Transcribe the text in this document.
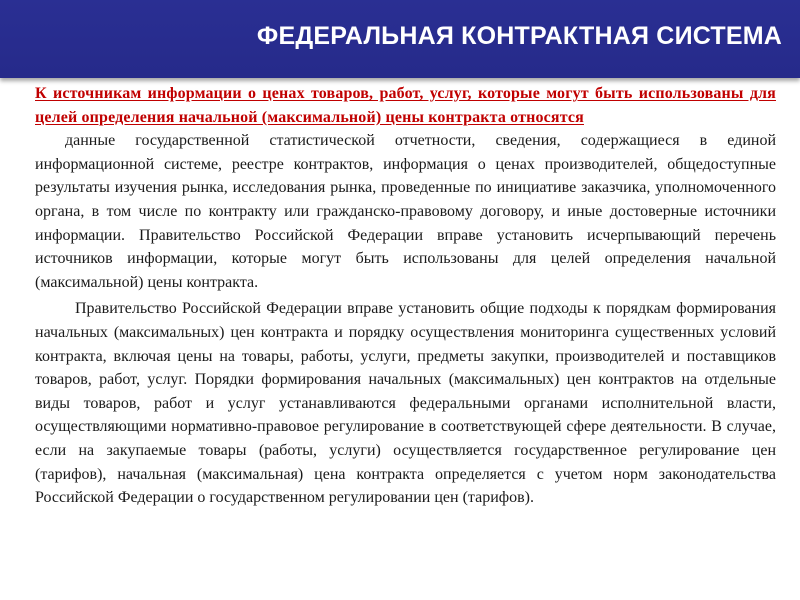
ФЕДЕРАЛЬНАЯ КОНТРАКТНАЯ СИСТЕМА

К источникам информации о ценах товаров, работ, услуг, которые могут быть использованы для целей определения начальной (максимальной) цены контракта относятся

данные государственной статистической отчетности, сведения, содержащиеся в единой информационной системе, реестре контрактов, информация о ценах производителей, общедоступные результаты изучения рынка, исследования рынка, проведенные по инициативе заказчика, уполномоченного органа, в том числе по контракту или гражданско-правовому договору, и иные достоверные источники информации. Правительство Российской Федерации вправе установить исчерпывающий перечень источников информации, которые могут быть использованы для целей определения начальной (максимальной) цены контракта.

Правительство Российской Федерации вправе установить общие подходы к порядкам формирования начальных (максимальных) цен контракта и порядку осуществления мониторинга существенных условий контракта, включая цены на товары, работы, услуги, предметы закупки, производителей и поставщиков товаров, работ, услуг. Порядки формирования начальных (максимальных) цен контрактов на отдельные виды товаров, работ и услуг устанавливаются федеральными органами исполнительной власти, осуществляющими нормативно-правовое регулирование в соответствующей сфере деятельности. В случае, если на закупаемые товары (работы, услуги) осуществляется государственное регулирование цен (тарифов), начальная (максимальная) цена контракта определяется с учетом норм законодательства Российской Федерации о государственном регулировании цен (тарифов).
